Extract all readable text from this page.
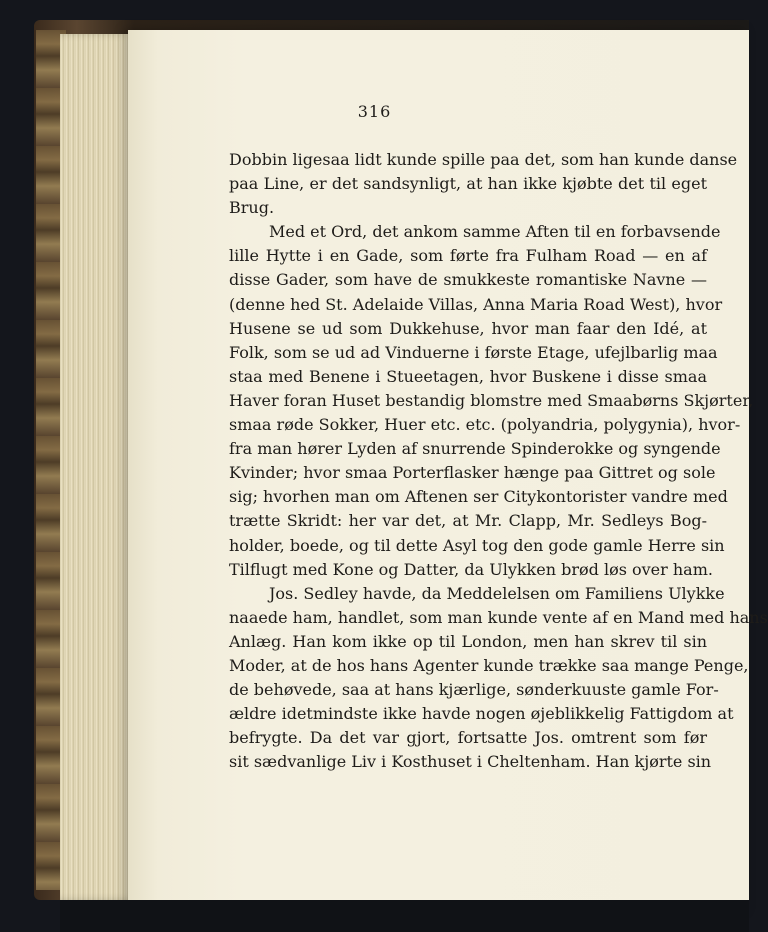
316
Dobbin ligesaa lidt kunde spille paa det, som han kunde danse
paa Line, er det sandsynligt, at han ikke kjøbte det til eget
Brug.
Med et Ord, det ankom samme Aften til en forbavsende
lille Hytte i en Gade, som førte fra Fulham Road — en af
disse Gader, som have de smukkeste romantiske Navne —
(denne hed St. Adelaide Villas, Anna Maria Road West), hvor
Husene se ud som Dukkehuse, hvor man faar den Idé, at
Folk, som se ud ad Vinduerne i første Etage, ufejlbarlig maa
staa med Benene i Stueetagen, hvor Buskene i disse smaa
Haver foran Huset bestandig blomstre med Smaabørns Skjørter,
smaa røde Sokker, Huer etc. etc. (polyandria, polygynia), hvor-
fra man hører Lyden af snurrende Spinderokke og syngende
Kvinder; hvor smaa Porterflasker hænge paa Gittret og sole
sig; hvorhen man om Aftenen ser Citykontorister vandre med
trætte Skridt: her var det, at Mr. Clapp, Mr. Sedleys Bog-
holder, boede, og til dette Asyl tog den gode gamle Herre sin
Tilflugt med Kone og Datter, da Ulykken brød løs over ham.
Jos. Sedley havde, da Meddelelsen om Familiens Ulykke
naaede ham, handlet, som man kunde vente af en Mand med hans
Anlæg. Han kom ikke op til London, men han skrev til sin
Moder, at de hos hans Agenter kunde trække saa mange Penge,
de behøvede, saa at hans kjærlige, sønderkuuste gamle For-
ældre idetmindste ikke havde nogen øjeblikkelig Fattigdom at
befrygte. Da det var gjort, fortsatte Jos. omtrent som før
sit sædvanlige Liv i Kosthuset i Cheltenham. Han kjørte sin
